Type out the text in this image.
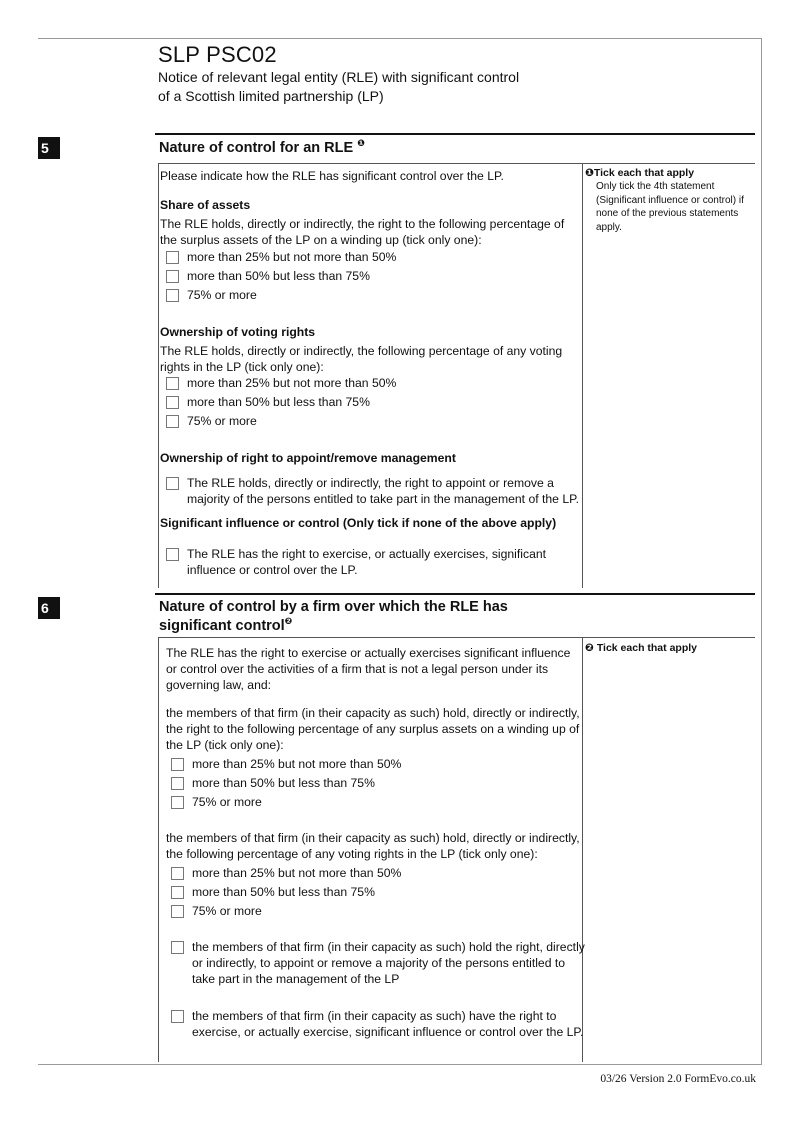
SLP PSC02
Notice of relevant legal entity (RLE) with significant control
of a Scottish limited partnership (LP)
5	Nature of control for an RLE $^❶$
Please indicate how the RLE has significant control over the LP.
Share of assets
The RLE holds, directly or indirectly, the right to the following percentage of
the surplus assets of the LP on a winding up (tick only one):
more than 25% but not more than 50%
more than 50% but less than 75%
75% or more
Ownership of voting rights
The RLE holds, directly or indirectly, the following percentage of any voting
rights in the LP (tick only one):
more than 25% but not more than 50%
more than 50% but less than 75%
75% or more
Ownership of right to appoint/remove management
The RLE holds, directly or indirectly, the right to appoint or remove a
majority of the persons entitled to take part in the management of the LP.
Significant influence or control (Only tick if none of the above apply)
The RLE has the right to exercise, or actually exercises, significant
influence or control over the LP.
❶Tick each that apply
Only tick the 4th statement
(Significant influence or control) if
none of the previous statements
apply.
6	Nature of control by a firm over which the RLE has
significant control$^❷$
The RLE has the right to exercise or actually exercises significant influence
or control over the activities of a firm that is not a legal person under its
governing law, and:
the members of that firm (in their capacity as such) hold, directly or indirectly,
the right to the following percentage of any surplus assets on a winding up of
the LP (tick only one):
more than 25% but not more than 50%
more than 50% but less than 75%
75% or more
the members of that firm (in their capacity as such) hold, directly or indirectly,
the following percentage of any voting rights in the LP (tick only one):
more than 25% but not more than 50%
more than 50% but less than 75%
75% or more
the members of that firm (in their capacity as such) hold the right, directly
or indirectly, to appoint or remove a majority of the persons entitled to
take part in the management of the LP
the members of that firm (in their capacity as such) have the right to
exercise, or actually exercise, significant influence or control over the LP.
❷ Tick each that apply
03/26 Version 2.0 FormEvo.co.uk
